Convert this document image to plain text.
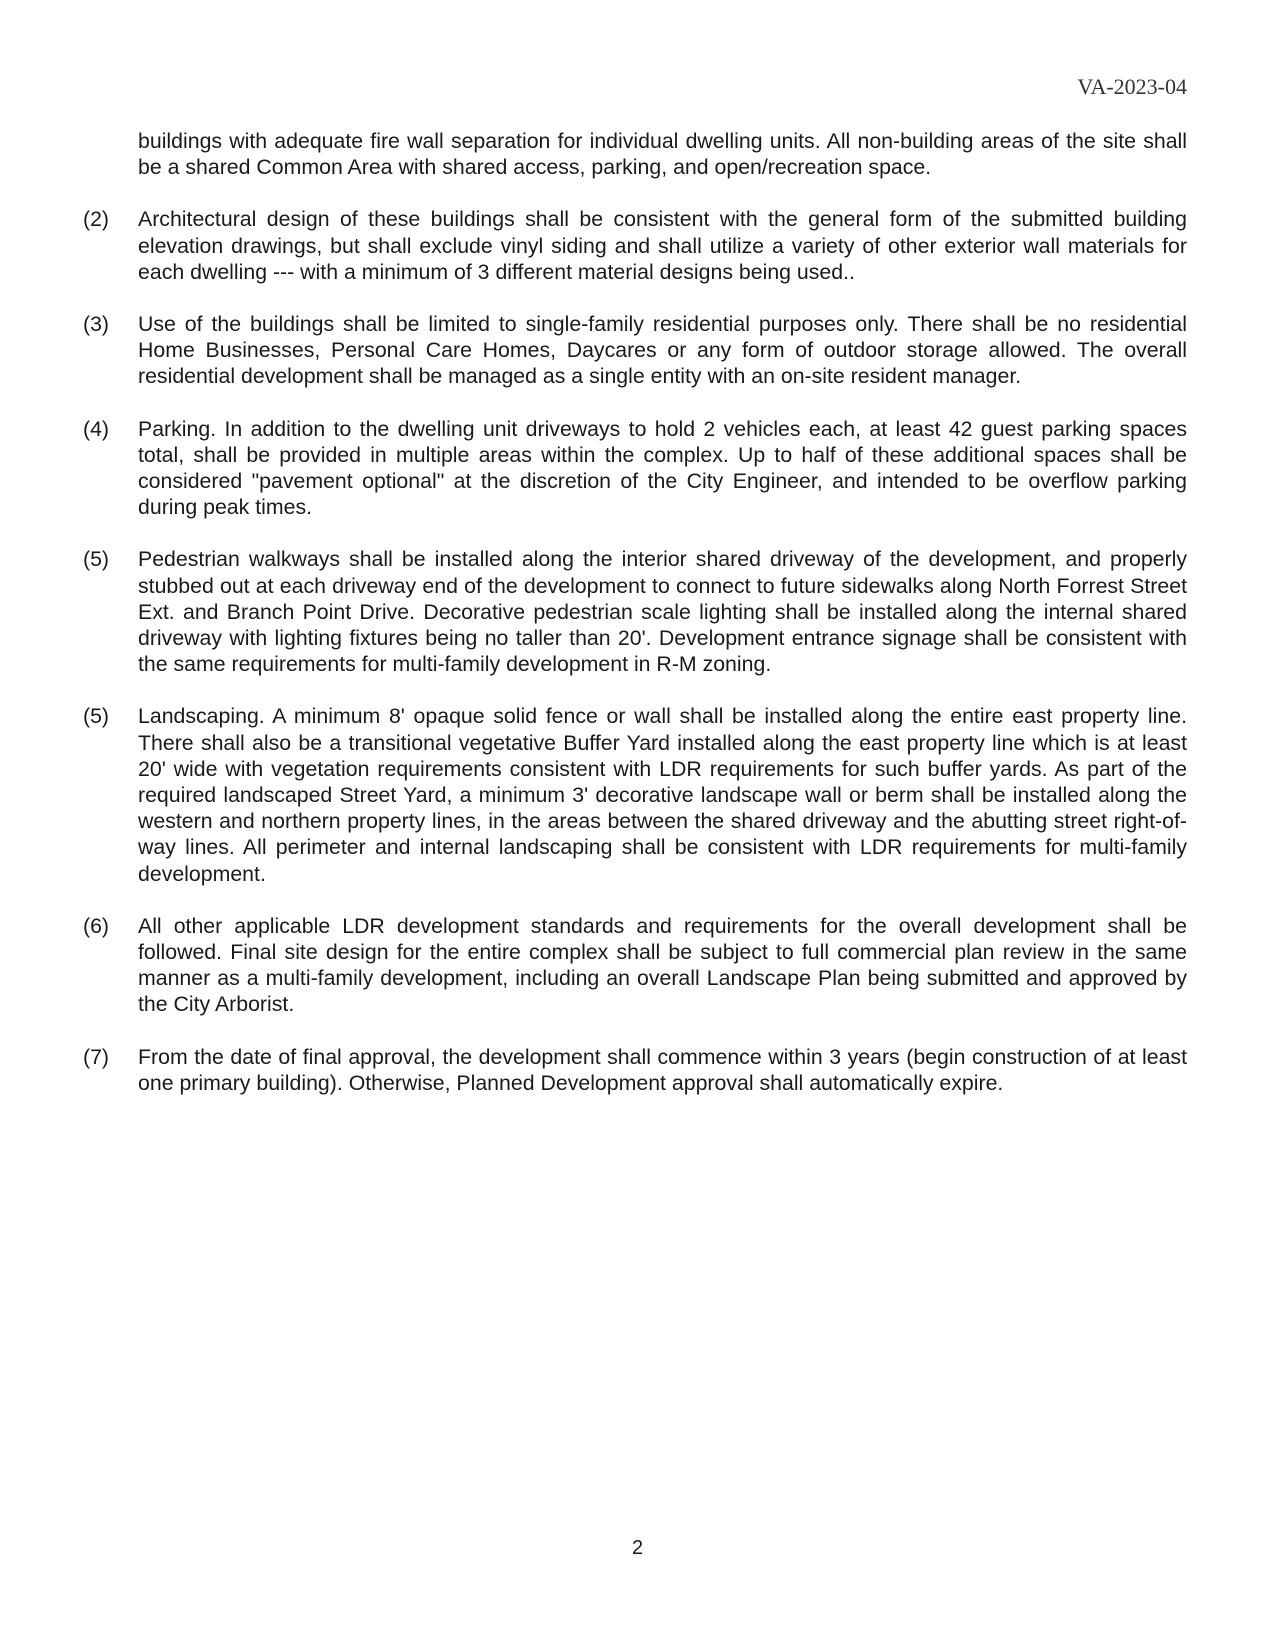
VA-2023-04

buildings with adequate fire wall separation for individual dwelling units. All non-building areas of the site shall be a shared Common Area with shared access, parking, and open/recreation space.

(2)	Architectural design of these buildings shall be consistent with the general form of the submitted building elevation drawings, but shall exclude vinyl siding and shall utilize a variety of other exterior wall materials for each dwelling --- with a minimum of 3 different material designs being used..

(3)	Use of the buildings shall be limited to single-family residential purposes only. There shall be no residential Home Businesses, Personal Care Homes, Daycares or any form of outdoor storage allowed. The overall residential development shall be managed as a single entity with an on-site resident manager.

(4)	Parking. In addition to the dwelling unit driveways to hold 2 vehicles each, at least 42 guest parking spaces total, shall be provided in multiple areas within the complex. Up to half of these additional spaces shall be considered "pavement optional" at the discretion of the City Engineer, and intended to be overflow parking during peak times.

(5)	Pedestrian walkways shall be installed along the interior shared driveway of the development, and properly stubbed out at each driveway end of the development to connect to future sidewalks along North Forrest Street Ext. and Branch Point Drive. Decorative pedestrian scale lighting shall be installed along the internal shared driveway with lighting fixtures being no taller than 20'. Development entrance signage shall be consistent with the same requirements for multi-family development in R-M zoning.

(5)	Landscaping. A minimum 8' opaque solid fence or wall shall be installed along the entire east property line. There shall also be a transitional vegetative Buffer Yard installed along the east property line which is at least 20' wide with vegetation requirements consistent with LDR requirements for such buffer yards. As part of the required landscaped Street Yard, a minimum 3' decorative landscape wall or berm shall be installed along the western and northern property lines, in the areas between the shared driveway and the abutting street right-of-way lines. All perimeter and internal landscaping shall be consistent with LDR requirements for multi-family development.

(6)	All other applicable LDR development standards and requirements for the overall development shall be followed. Final site design for the entire complex shall be subject to full commercial plan review in the same manner as a multi-family development, including an overall Landscape Plan being submitted and approved by the City Arborist.

(7)	From the date of final approval, the development shall commence within 3 years (begin construction of at least one primary building). Otherwise, Planned Development approval shall automatically expire.

2
